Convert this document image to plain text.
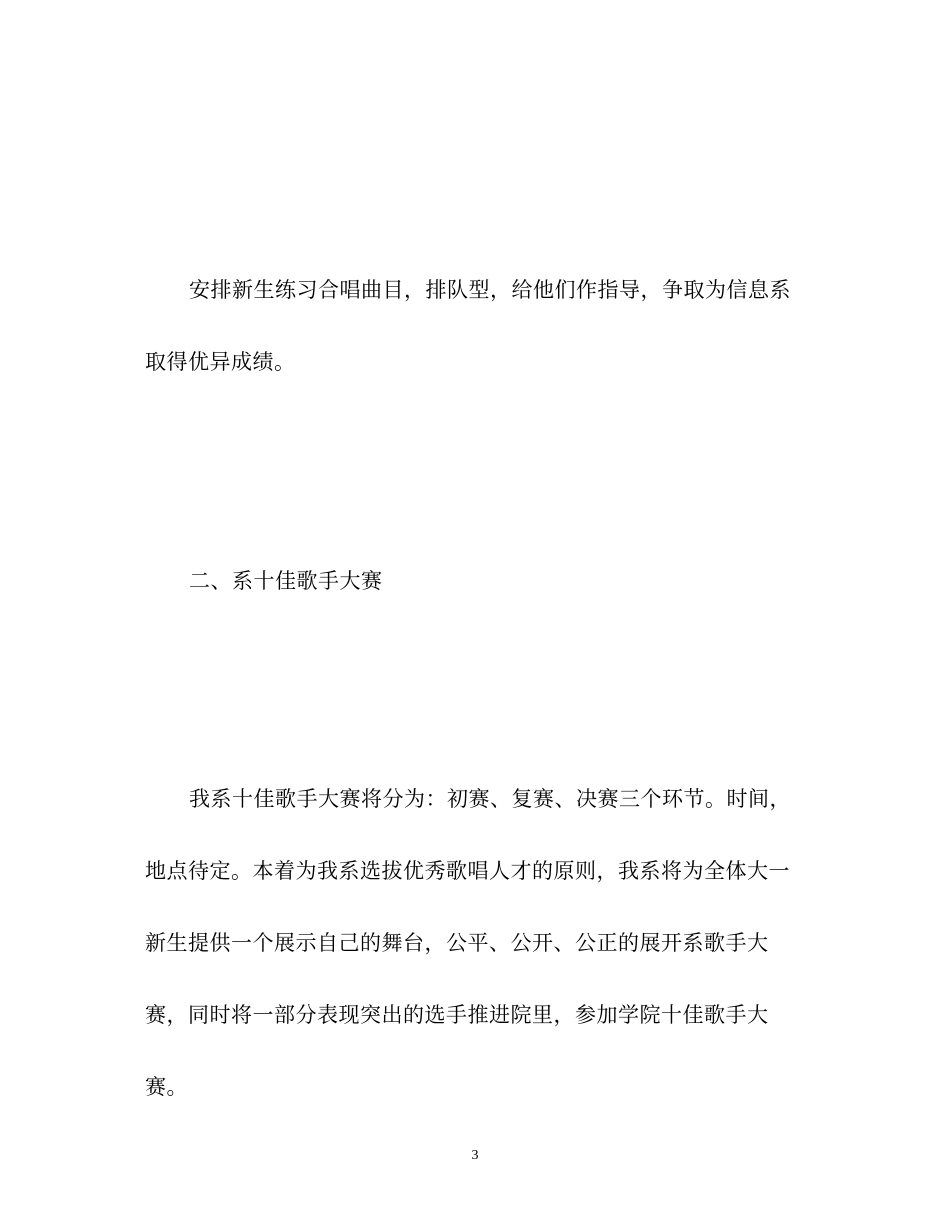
安排新生练习合唱曲目，排队型，给他们作指导，争取为信息系取得优异成绩。

二、系十佳歌手大赛

我系十佳歌手大赛将分为：初赛、复赛、决赛三个环节。时间，地点待定。本着为我系选拔优秀歌唱人才的原则，我系将为全体大一新生提供一个展示自己的舞台，公平、公开、公正的展开系歌手大赛，同时将一部分表现突出的选手推进院里，参加学院十佳歌手大赛。

3
